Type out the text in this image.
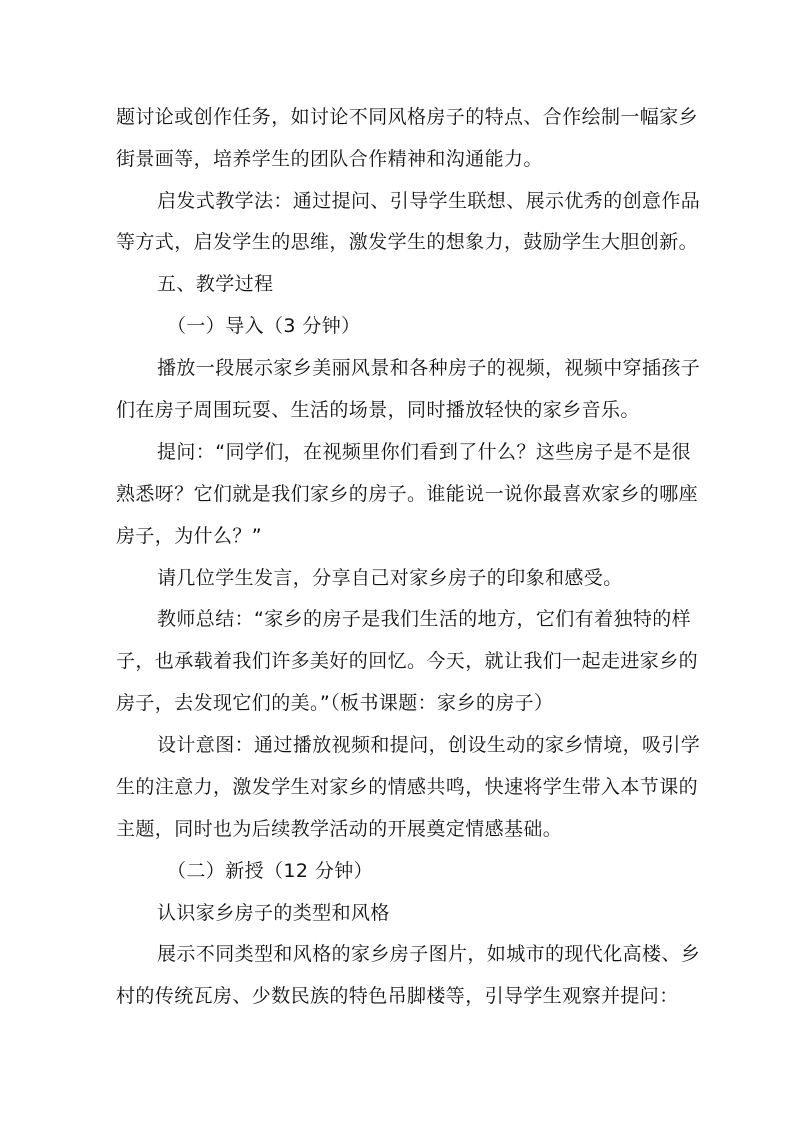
题讨论或创作任务，如讨论不同风格房子的特点、合作绘制一幅家乡
街景画等，培养学生的团队合作精神和沟通能力。
启发式教学法：通过提问、引导学生联想、展示优秀的创意作品
等方式，启发学生的思维，激发学生的想象力，鼓励学生大胆创新。
五、教学过程
（一）导入（3 分钟）
播放一段展示家乡美丽风景和各种房子的视频，视频中穿插孩子
们在房子周围玩耍、生活的场景，同时播放轻快的家乡音乐。
提问：“同学们，在视频里你们看到了什么？这些房子是不是很
熟悉呀？它们就是我们家乡的房子。谁能说一说你最喜欢家乡的哪座
房子，为什么？”
请几位学生发言，分享自己对家乡房子的印象和感受。
教师总结：“家乡的房子是我们生活的地方，它们有着独特的样
子，也承载着我们许多美好的回忆。今天，就让我们一起走进家乡的
房子，去发现它们的美。”（板书课题：家乡的房子）
设计意图：通过播放视频和提问，创设生动的家乡情境，吸引学
生的注意力，激发学生对家乡的情感共鸣，快速将学生带入本节课的
主题，同时也为后续教学活动的开展奠定情感基础。
（二）新授（12 分钟）
认识家乡房子的类型和风格
展示不同类型和风格的家乡房子图片，如城市的现代化高楼、乡
村的传统瓦房、少数民族的特色吊脚楼等，引导学生观察并提问：
